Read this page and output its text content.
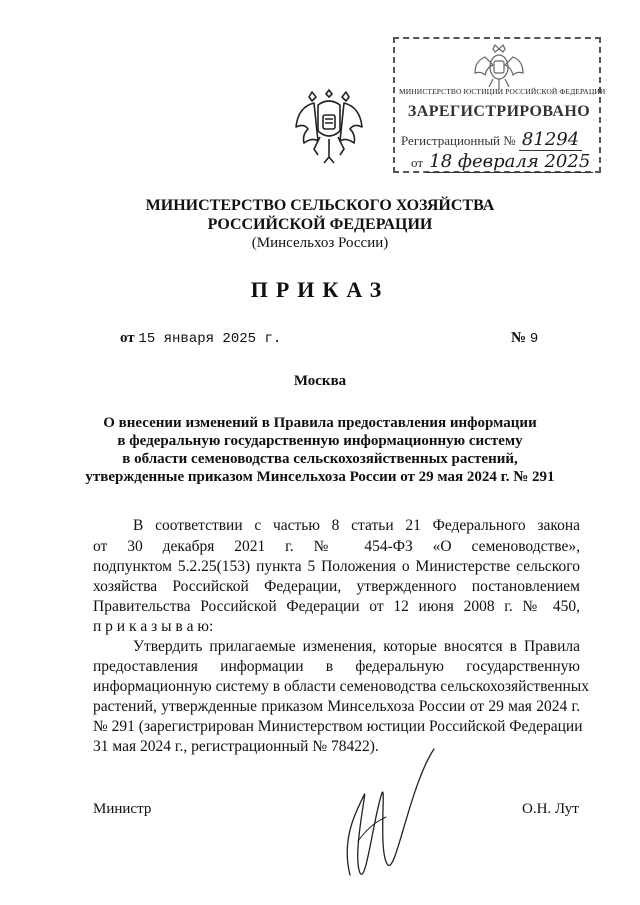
МИНИСТЕРСТВО ЮСТИЦИИ РОССИЙСКОЙ ФЕДЕРАЦИИ
ЗАРЕГИСТРИРОВАНО
Регистрационный № 81294
от 18 февраля 2025
МИНИСТЕРСТВО СЕЛЬСКОГО ХОЗЯЙСТВА
РОССИЙСКОЙ ФЕДЕРАЦИИ
(Минсельхоз России)
ПРИКАЗ
от 15 января 2025 г.	№ 9
Москва
О внесении изменений в Правила предоставления информации
в федеральную государственную информационную систему
в области семеноводства сельскохозяйственных растений,
утвержденные приказом Минсельхоза России от 29 мая 2024 г. № 291
В соответствии с частью 8 статьи 21 Федерального закона
от 30 декабря 2021 г. № 454-ФЗ «О семеноводстве»,
подпунктом 5.2.25(153) пункта 5 Положения о Министерстве сельского
хозяйства Российской Федерации, утвержденного постановлением
Правительства Российской Федерации от 12 июня 2008 г. № 450,
п р и к а з ы в а ю:
Утвердить прилагаемые изменения, которые вносятся в Правила
предоставления информации в федеральную государственную
информационную систему в области семеноводства сельскохозяйственных
растений, утвержденные приказом Минсельхоза России от 29 мая 2024 г.
№ 291 (зарегистрирован Министерством юстиции Российской Федерации
31 мая 2024 г., регистрационный № 78422).
Министр	О.Н. Лут
